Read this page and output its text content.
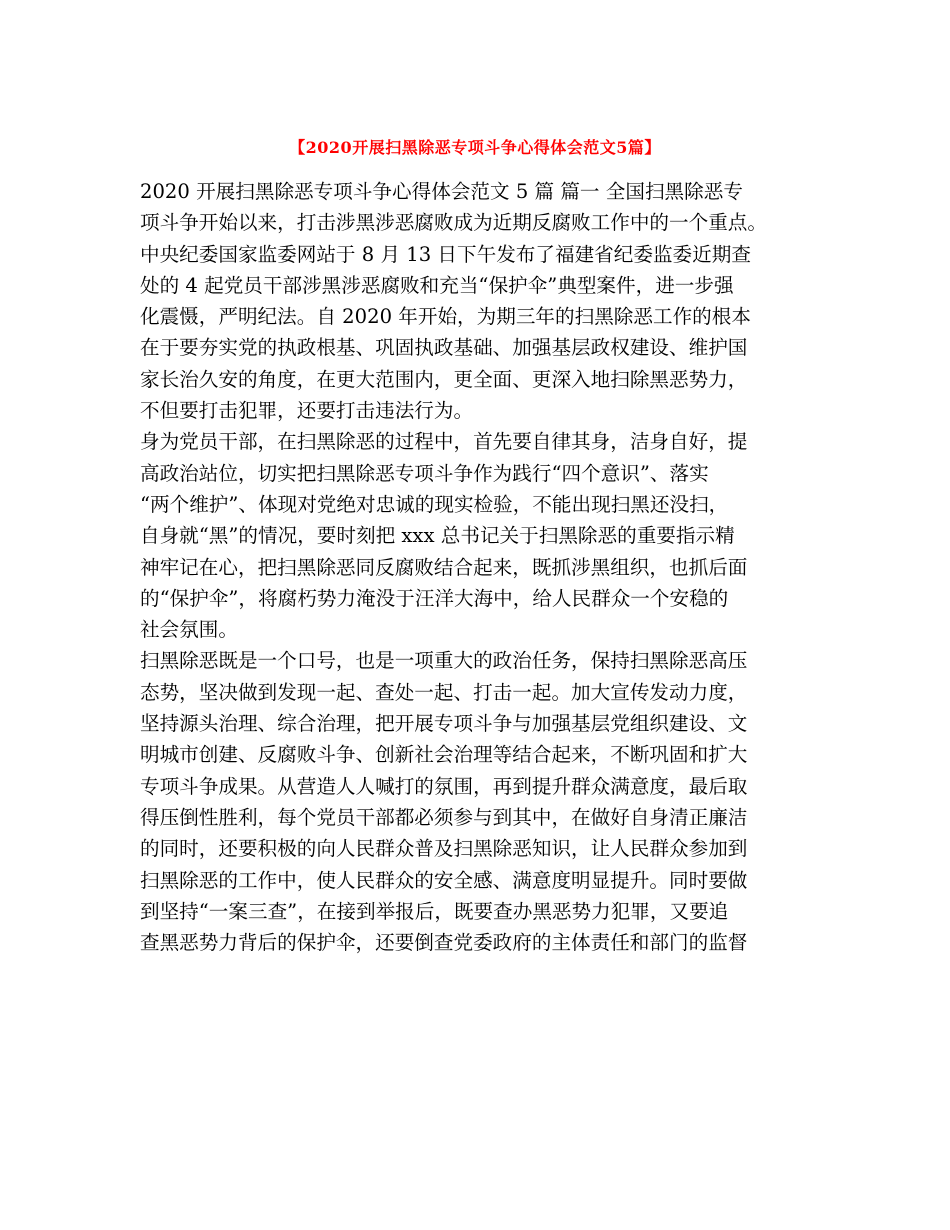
【2020开展扫黑除恶专项斗争心得体会范文5篇】
2020 开展扫黑除恶专项斗争心得体会范文 5 篇 篇一 全国扫黑除恶专
项斗争开始以来，打击涉黑涉恶腐败成为近期反腐败工作中的一个重点。
中央纪委国家监委网站于 8 月 13 日下午发布了福建省纪委监委近期查
处的 4 起党员干部涉黑涉恶腐败和充当“保护伞”典型案件，进一步强
化震慑，严明纪法。自 2020 年开始，为期三年的扫黑除恶工作的根本
在于要夯实党的执政根基、巩固执政基础、加强基层政权建设、维护国
家长治久安的角度，在更大范围内，更全面、更深入地扫除黑恶势力，
不但要打击犯罪，还要打击违法行为。
身为党员干部，在扫黑除恶的过程中，首先要自律其身，洁身自好，提
高政治站位，切实把扫黑除恶专项斗争作为践行“四个意识”、落实
“两个维护”、体现对党绝对忠诚的现实检验，不能出现扫黑还没扫，
自身就“黑”的情况，要时刻把 xxx 总书记关于扫黑除恶的重要指示精
神牢记在心，把扫黑除恶同反腐败结合起来，既抓涉黑组织，也抓后面
的“保护伞”，将腐朽势力淹没于汪洋大海中，给人民群众一个安稳的
社会氛围。
扫黑除恶既是一个口号，也是一项重大的政治任务，保持扫黑除恶高压
态势，坚决做到发现一起、查处一起、打击一起。加大宣传发动力度，
坚持源头治理、综合治理，把开展专项斗争与加强基层党组织建设、文
明城市创建、反腐败斗争、创新社会治理等结合起来，不断巩固和扩大
专项斗争成果。从营造人人喊打的氛围，再到提升群众满意度，最后取
得压倒性胜利，每个党员干部都必须参与到其中，在做好自身清正廉洁
的同时，还要积极的向人民群众普及扫黑除恶知识，让人民群众参加到
扫黑除恶的工作中，使人民群众的安全感、满意度明显提升。同时要做
到坚持“一案三查”，在接到举报后，既要查办黑恶势力犯罪，又要追
查黑恶势力背后的保护伞，还要倒查党委政府的主体责任和部门的监督
